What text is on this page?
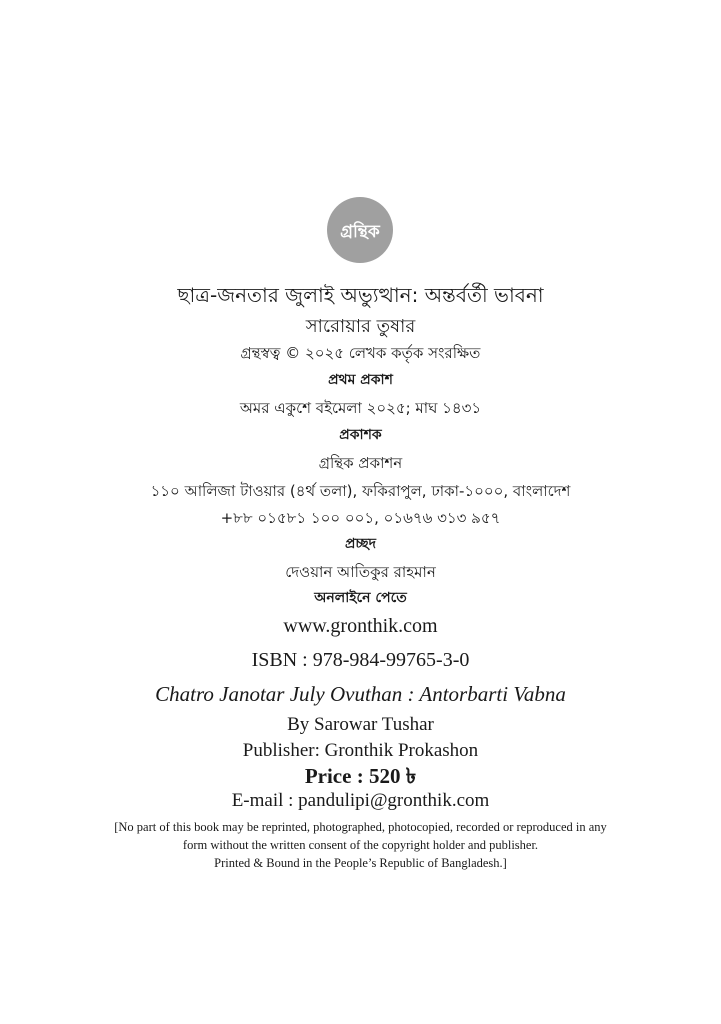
গ্রন্থিক
ছাত্র-জনতার জুলাই অভ্যুত্থান: অন্তর্বর্তী ভাবনা
সারোয়ার তুষার
গ্রন্থস্বত্ব © ২০২৫ লেখক কর্তৃক সংরক্ষিত
প্রথম প্রকাশ
অমর একুশে বইমেলা ২০২৫; মাঘ ১৪৩১
প্রকাশক
গ্রন্থিক প্রকাশন
১১০ আলিজা টাওয়ার (৪র্থ তলা), ফকিরাপুল, ঢাকা-১০০০, বাংলাদেশ
+৮৮ ০১৫৮১ ১০০ ০০১, ০১৬৭৬ ৩১৩ ৯৫৭
প্রচ্ছদ
দেওয়ান আতিকুর রাহমান
অনলাইনে পেতে
www.gronthik.com
ISBN : 978-984-99765-3-0
Chatro Janotar July Ovuthan : Antorbarti Vabna
By Sarowar Tushar
Publisher: Gronthik Prokashon
Price : 520 ৳
E-mail : pandulipi@gronthik.com
[No part of this book may be reprinted, photographed, photocopied, recorded or reproduced in any
form without the written consent of the copyright holder and publisher.
Printed & Bound in the People’s Republic of Bangladesh.]
